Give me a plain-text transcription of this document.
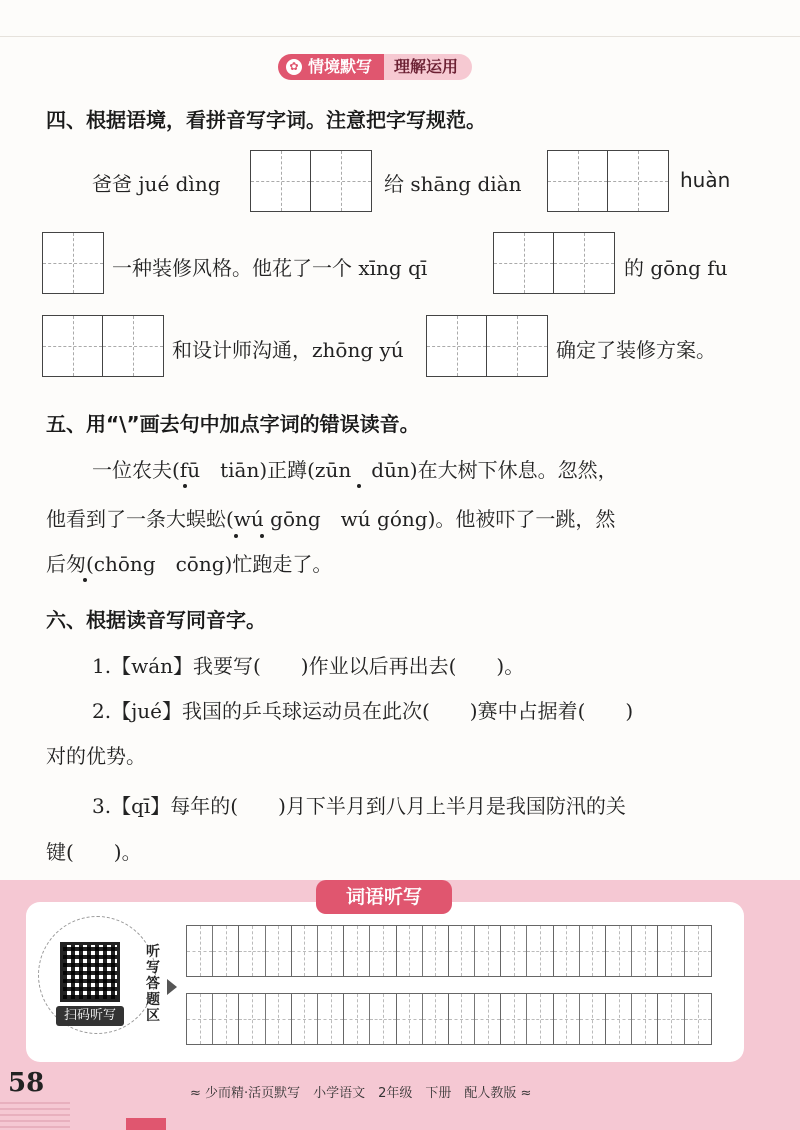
✿ 情境默写	理解运用
四、根据语境，看拼音写字词。注意把字写规范。
爸爸 jué dìng	给 shāng diàn	huàn
一种装修风格。他花了一个 xīng qī	的 gōng fu
和设计师沟通，zhōng yú	确定了装修方案。
五、用“\”画去句中加点字词的错误读音。
一位农夫(fū　tiān)正蹲(zūn　dūn)在大树下休息。忽然，
他看到了一条大蜈蚣(wú gōng　wú góng)。他被吓了一跳，然
后匆(chōng　cōng)忙跑走了。
六、根据读音写同音字。
1.【wán】我要写(　　)作业以后再出去(　　)。
2.【jué】我国的乒乓球运动员在此次(　　)赛中占据着(　　)
对的优势。
3.【qī】每年的(　　)月下半月到八月上半月是我国防汛的关
键(　　)。
词语听写
扫码听写
听写答题区
58	≈ 少而精·活页默写　小学语文　2年级　下册　配人教版 ≈
